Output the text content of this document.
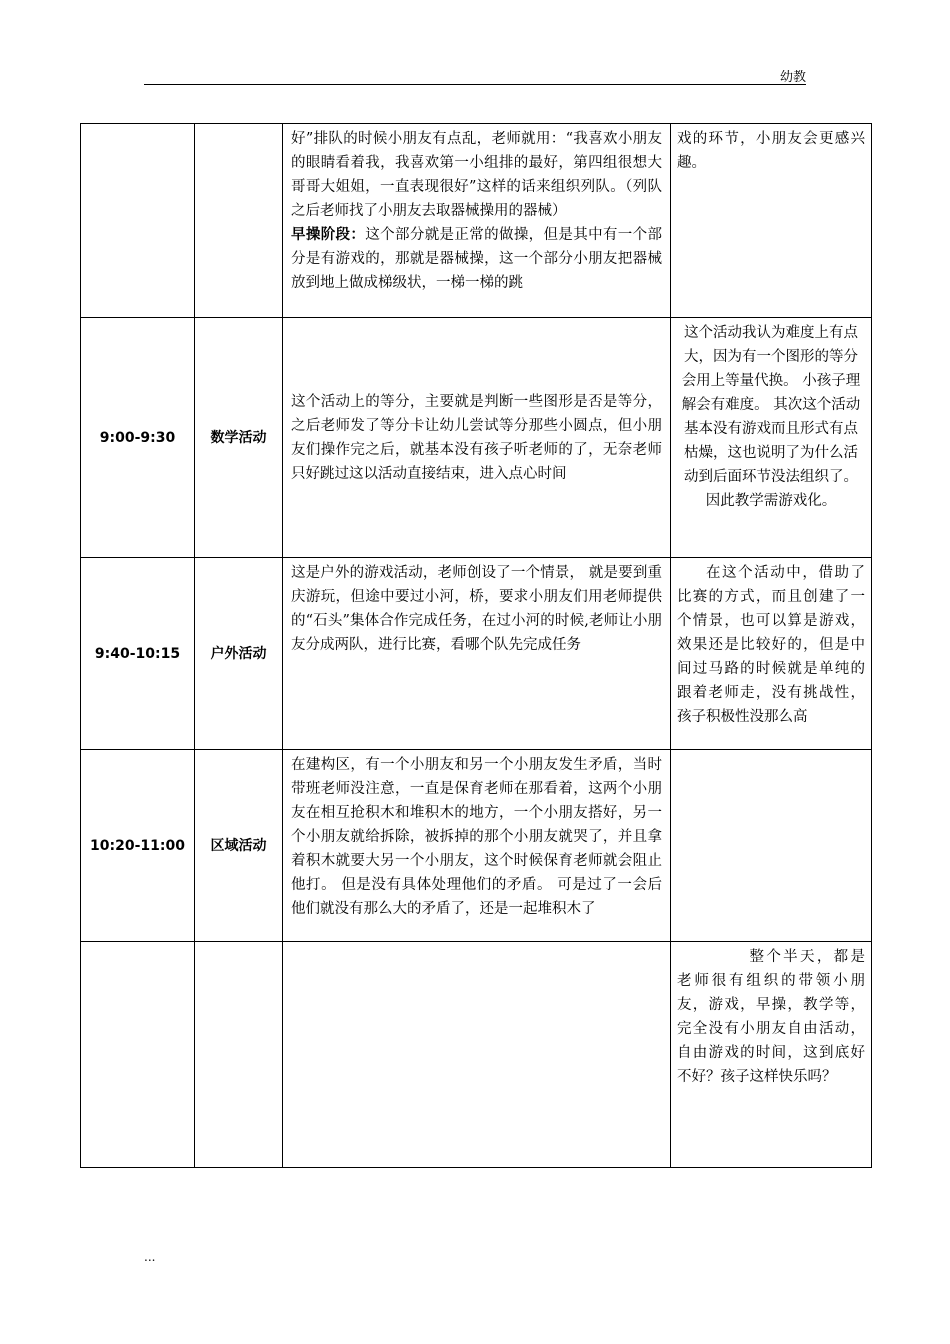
幼教
		好”排队的时候小朋友有点乱，老师就用：“我喜欢小朋友的眼睛看着我，我喜欢第一小组排的最好，第四组很想大哥哥大姐姐，一直表现很好”这样的话来组织列队。（列队之后老师找了小朋友去取器械操用的器械）
早操阶段：这个部分就是正常的做操，但是其中有一个部分是有游戏的，那就是器械操，这一个部分小朋友把器械放到地上做成梯级状，一梯一梯的跳	戏的环节，小朋友会更感兴趣。
9:00-9:30	数学活动	这个活动上的等分，主要就是判断一些图形是否是等分，之后老师发了等分卡让幼儿尝试等分那些小圆点，但小朋友们操作完之后，就基本没有孩子听老师的了，无奈老师只好跳过这以活动直接结束，进入点心时间	这个活动我认为难度上有点大，因为有一个图形的等分会用上等量代换。 小孩子理解会有难度。 其次这个活动基本没有游戏而且形式有点枯燥，这也说明了为什么活动到后面环节没法组织了。 因此教学需游戏化。
9:40-10:15	户外活动	这是户外的游戏活动，老师创设了一个情景， 就是要到重庆游玩，但途中要过小河，桥，要求小朋友们用老师提供的“石头”集体合作完成任务，在过小河的时候,老师让小朋友分成两队，进行比赛，看哪个队先完成任务	在这个活动中，借助了比赛的方式，而且创建了一个情景，也可以算是游戏，效果还是比较好的，但是中间过马路的时候就是单纯的跟着老师走，没有挑战性，孩子积极性没那么高
10:20-11:00	区域活动	在建构区，有一个小朋友和另一个小朋友发生矛盾，当时带班老师没注意，一直是保育老师在那看着，这两个小朋友在相互抢积木和堆积木的地方，一个小朋友搭好，另一个小朋友就给拆除，被拆掉的那个小朋友就哭了，并且拿着积木就要大另一个小朋友，这个时候保育老师就会阻止他打。 但是没有具体处理他们的矛盾。 可是过了一会后他们就没有那么大的矛盾了，还是一起堆积木了	
			整个半天，都是老师很有组织的带领小朋友，游戏，早操，教学等，完全没有小朋友自由活动，自由游戏的时间，这到底好不好？孩子这样快乐吗？
...
